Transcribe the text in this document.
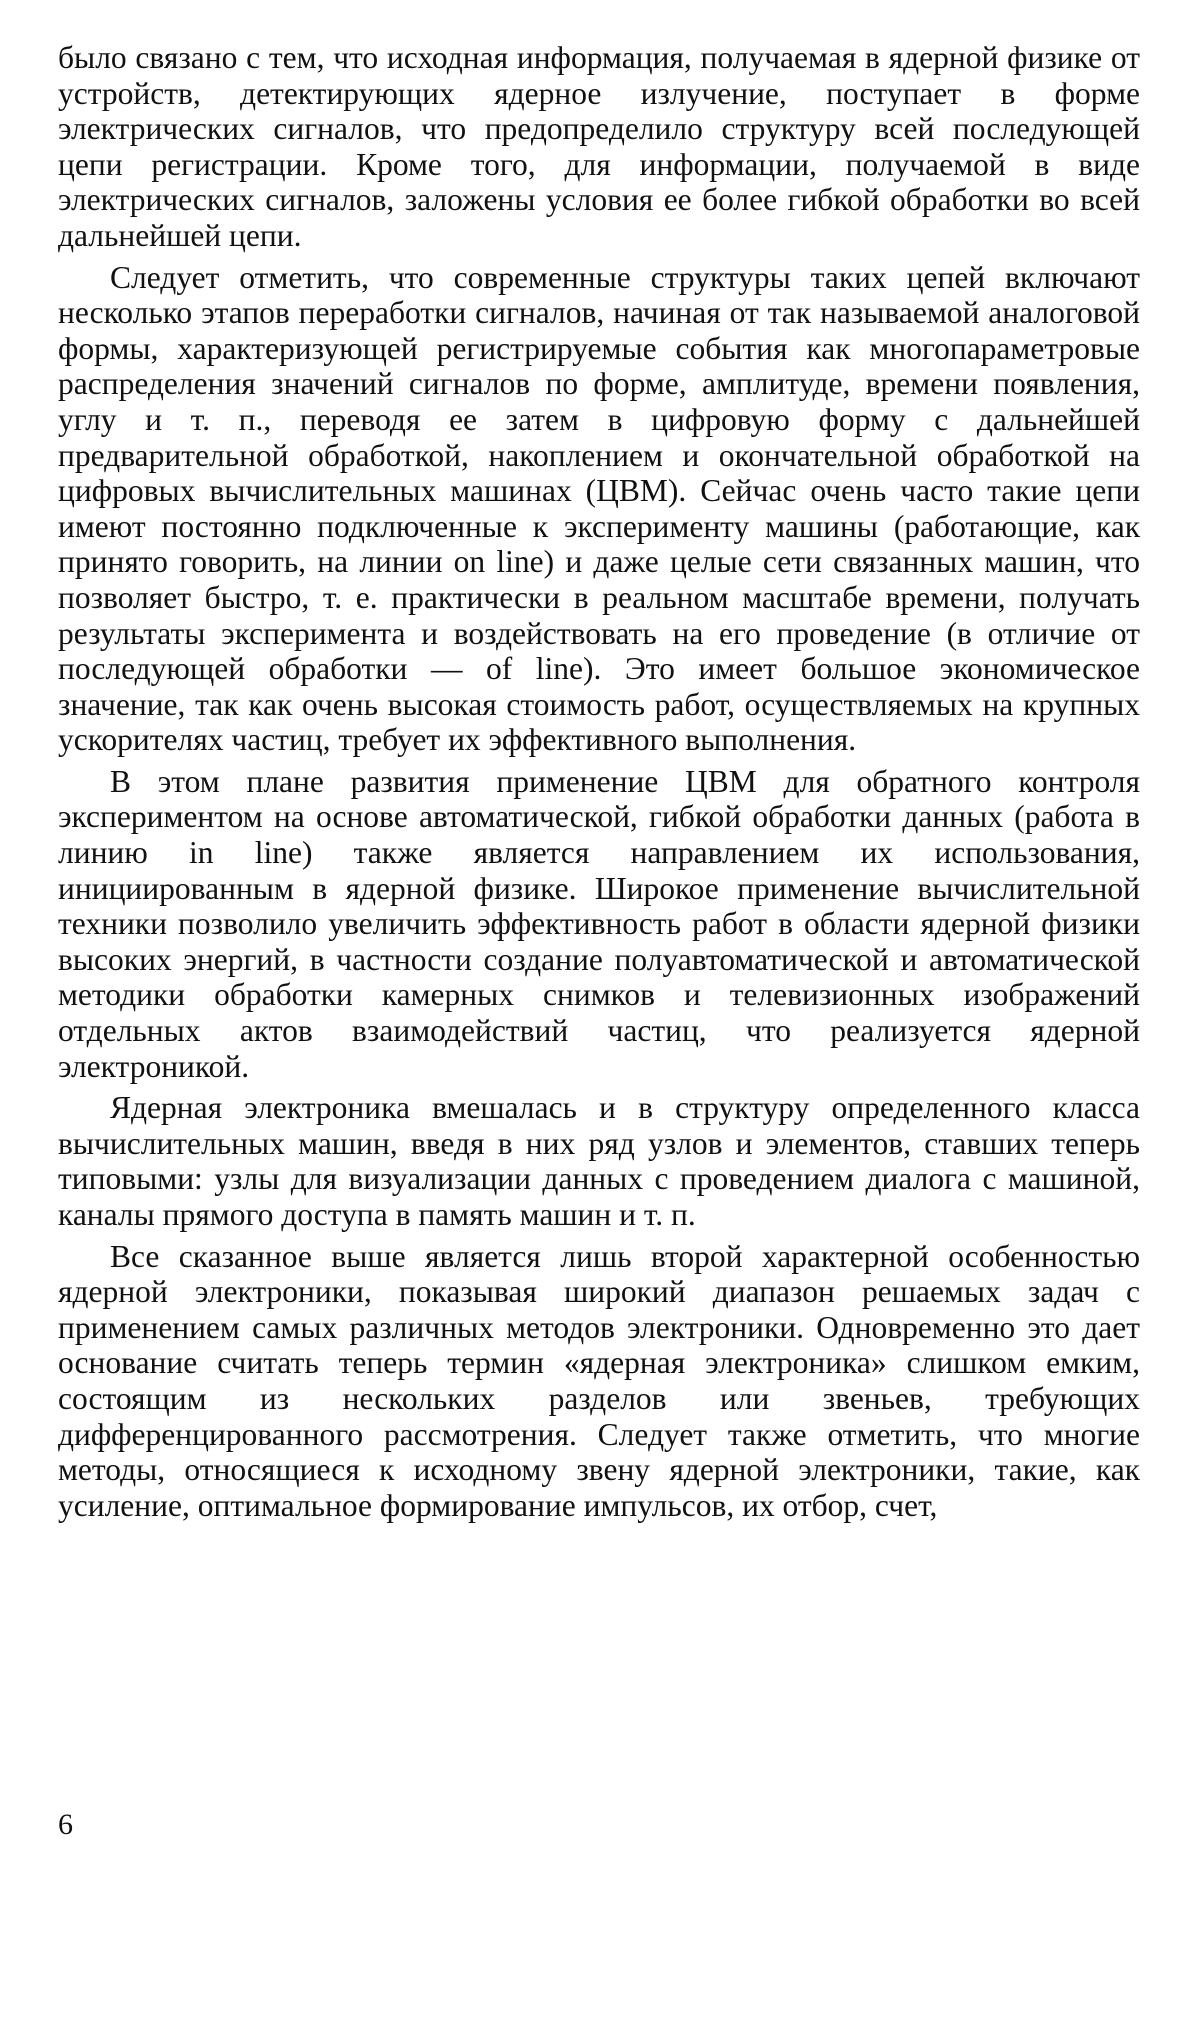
было связано с тем, что исходная информация, получаемая в ядерной физике от устройств, детектирующих ядерное излучение, поступает в форме электрических сигналов, что предопределило структуру всей последующей цепи регистрации. Кроме того, для информации, получаемой в виде электрических сигналов, заложены условия ее более гибкой обработки во всей дальнейшей цепи.

Следует отметить, что современные структуры таких цепей включают несколько этапов переработки сигналов, начиная от так называемой аналоговой формы, характеризующей регистрируемые события как многопараметровые распределения значений сигналов по форме, амплитуде, времени появления, углу и т. п., переводя ее затем в цифровую форму с дальнейшей предварительной обработкой, накоплением и окончательной обработкой на цифровых вычислительных машинах (ЦВМ). Сейчас очень часто такие цепи имеют постоянно подключенные к эксперименту машины (работающие, как принято говорить, на линии on line) и даже целые сети связанных машин, что позволяет быстро, т. е. практически в реальном масштабе времени, получать результаты эксперимента и воздействовать на его проведение (в отличие от последующей обработки — of line). Это имеет большое экономическое значение, так как очень высокая стоимость работ, осуществляемых на крупных ускорителях частиц, требует их эффективного выполнения.

В этом плане развития применение ЦВМ для обратного контроля экспериментом на основе автоматической, гибкой обработки данных (работа в линию in line) также является направлением их использования, инициированным в ядерной физике. Широкое применение вычислительной техники позволило увеличить эффективность работ в области ядерной физики высоких энергий, в частности создание полуавтоматической и автоматической методики обработки камерных снимков и телевизионных изображений отдельных актов взаимодействий частиц, что реализуется ядерной электроникой.

Ядерная электроника вмешалась и в структуру определенного класса вычислительных машин, введя в них ряд узлов и элементов, ставших теперь типовыми: узлы для визуализации данных с проведением диалога с машиной, каналы прямого доступа в память машин и т. п.

Все сказанное выше является лишь второй характерной особенностью ядерной электроники, показывая широкий диапазон решаемых задач с применением самых различных методов электроники. Одновременно это дает основание считать теперь термин «ядерная электроника» слишком емким, состоящим из нескольких разделов или звеньев, требующих дифференцированного рассмотрения. Следует также отметить, что многие методы, относящиеся к исходному звену ядерной электроники, такие, как усиление, оптимальное формирование импульсов, их отбор, счет,

6
